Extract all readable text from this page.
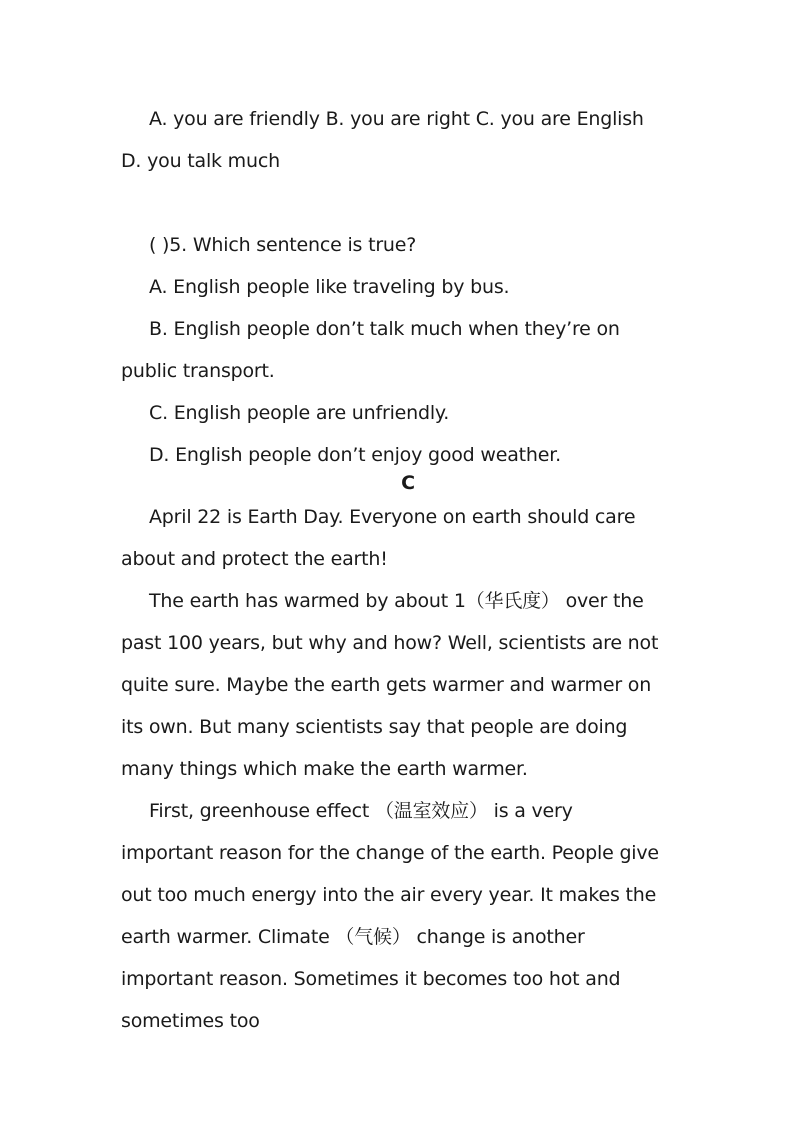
A. you are friendly B. you are right C. you are English D. you talk much

( )5. Which sentence is true?

A. English people like traveling by bus.

B. English people don’t talk much when they’re on public transport.

C. English people are unfriendly.

D. English people don’t enjoy good weather.

C

April 22 is Earth Day. Everyone on earth should care about and protect the earth!

The earth has warmed by about 1（华氏度） over the past 100 years, but why and how? Well, scientists are not quite sure. Maybe the earth gets warmer and warmer on its own. But many scientists say that people are doing many things which make the earth warmer.

First, greenhouse effect （温室效应） is a very important reason for the change of the earth. People give out too much energy into the air every year. It makes the earth warmer. Climate （气候） change is another important reason. Sometimes it becomes too hot and sometimes too
